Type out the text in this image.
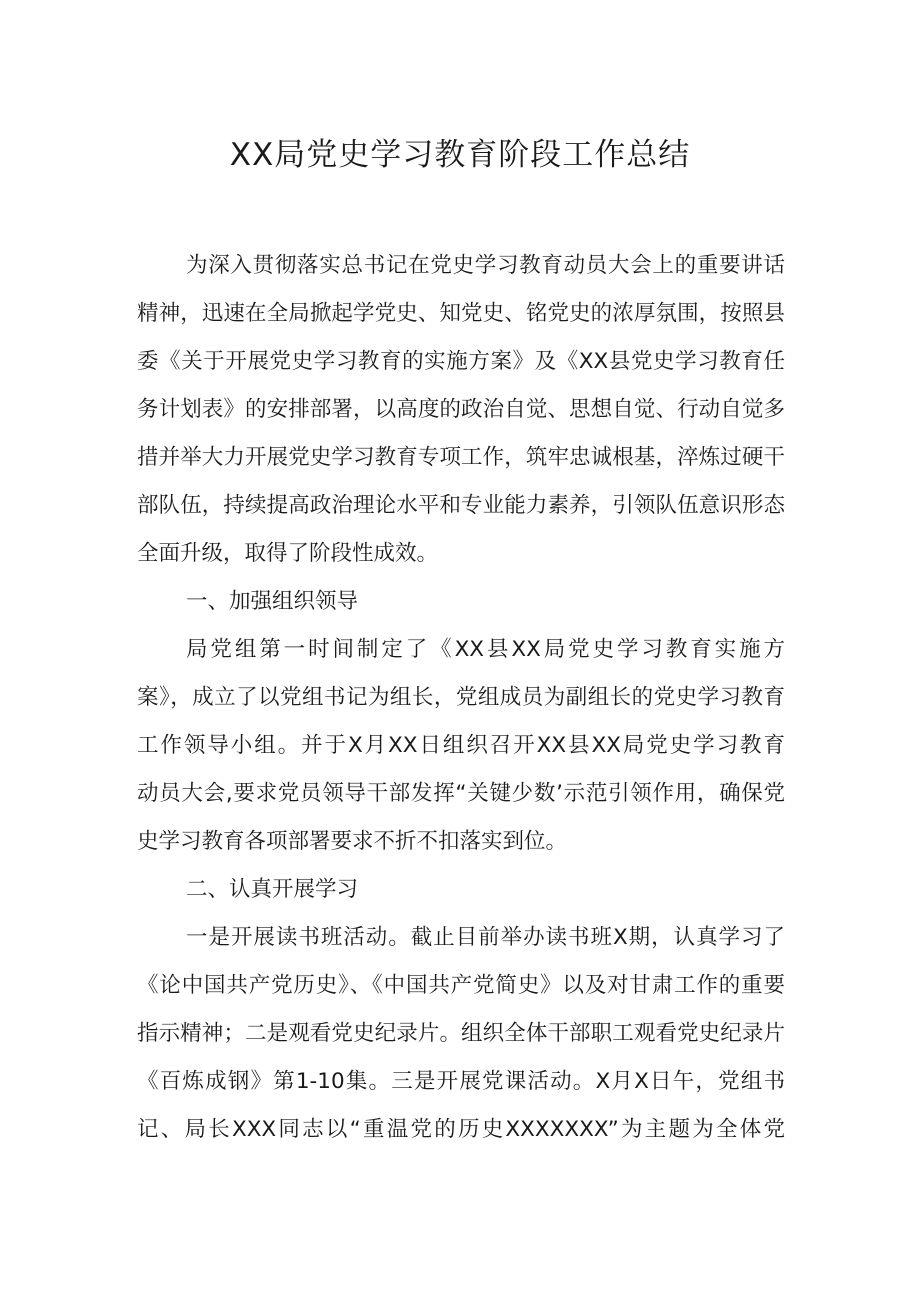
XX局党史学习教育阶段工作总结
为深入贯彻落实总书记在党史学习教育动员大会上的重要讲话
精神，迅速在全局掀起学党史、知党史、铭党史的浓厚氛围，按照县
委《关于开展党史学习教育的实施方案》及《XX县党史学习教育任
务计划表》的安排部署，以高度的政治自觉、思想自觉、行动自觉多
措并举大力开展党史学习教育专项工作，筑牢忠诚根基，淬炼过硬干
部队伍，持续提高政治理论水平和专业能力素养，引领队伍意识形态
全面升级，取得了阶段性成效。
一、加强组织领导
局党组第一时间制定了《XX县XX局党史学习教育实施方
案》，成立了以党组书记为组长，党组成员为副组长的党史学习教育
工作领导小组。并于X月XX日组织召开XX县XX局党史学习教育
动员大会,要求党员领导干部发挥“关键少数’示范引领作用，确保党
史学习教育各项部署要求不折不扣落实到位。
二、认真开展学习
一是开展读书班活动。截止目前举办读书班X期，认真学习了
《论中国共产党历史》、《中国共产党简史》以及对甘肃工作的重要
指示精神；二是观看党史纪录片。组织全体干部职工观看党史纪录片
《百炼成钢》第1-10集。三是开展党课活动。X月X日午，党组书
记、局长XXX同志以“重温党的历史XXXXXXX”为主题为全体党
